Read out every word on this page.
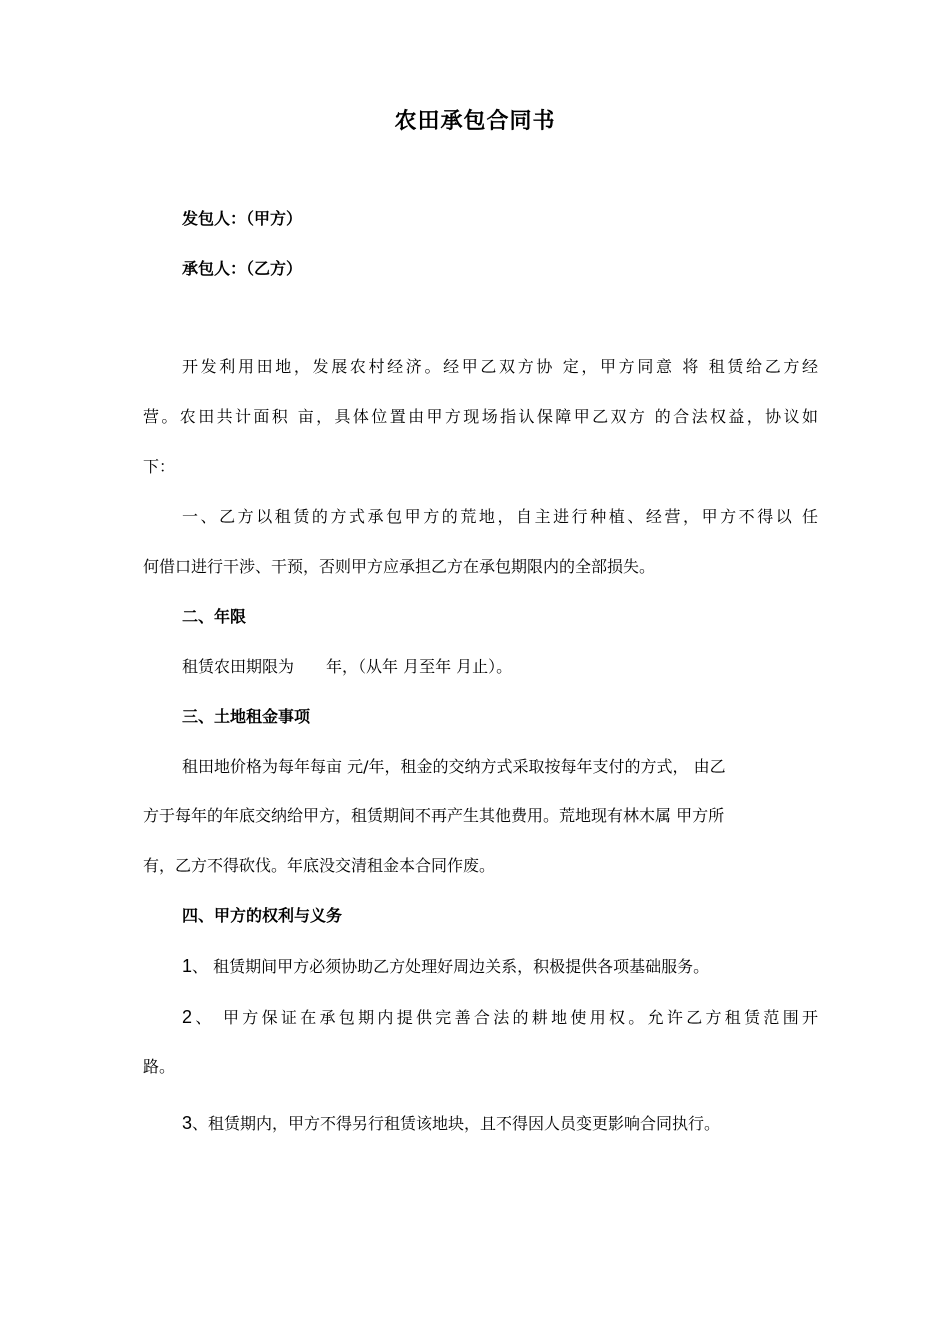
农田承包合同书
发包人：（甲方）
承包人：（乙方）
开发利用田地，发展农村经济。经甲乙双方协 定，甲方同意 将 租赁给乙方经
营。农田共计面积 亩，具体位置由甲方现场指认保障甲乙双方 的合法权益，协议如
下：
一、乙方以租赁的方式承包甲方的荒地，自主进行种植、经营，甲方不得以 任
何借口进行干涉、干预，否则甲方应承担乙方在承包期限内的全部损失。
二、年限
租赁农田期限为　　年，（从年 月至年 月止）。
三、土地租金事项
租田地价格为每年每亩 元/年，租金的交纳方式采取按每年支付的方式， 由乙
方于每年的年底交纳给甲方，租赁期间不再产生其他费用。荒地现有林木属 甲方所
有，乙方不得砍伐。年底没交清租金本合同作废。
四、甲方的权利与义务
1、 租赁期间甲方必须协助乙方处理好周边关系，积极提供各项基础服务。
2、 甲方保证在承包期内提供完善合法的耕地使用权。允许乙方租赁范围开
路。
3、租赁期内，甲方不得另行租赁该地块，且不得因人员变更影响合同执行。
